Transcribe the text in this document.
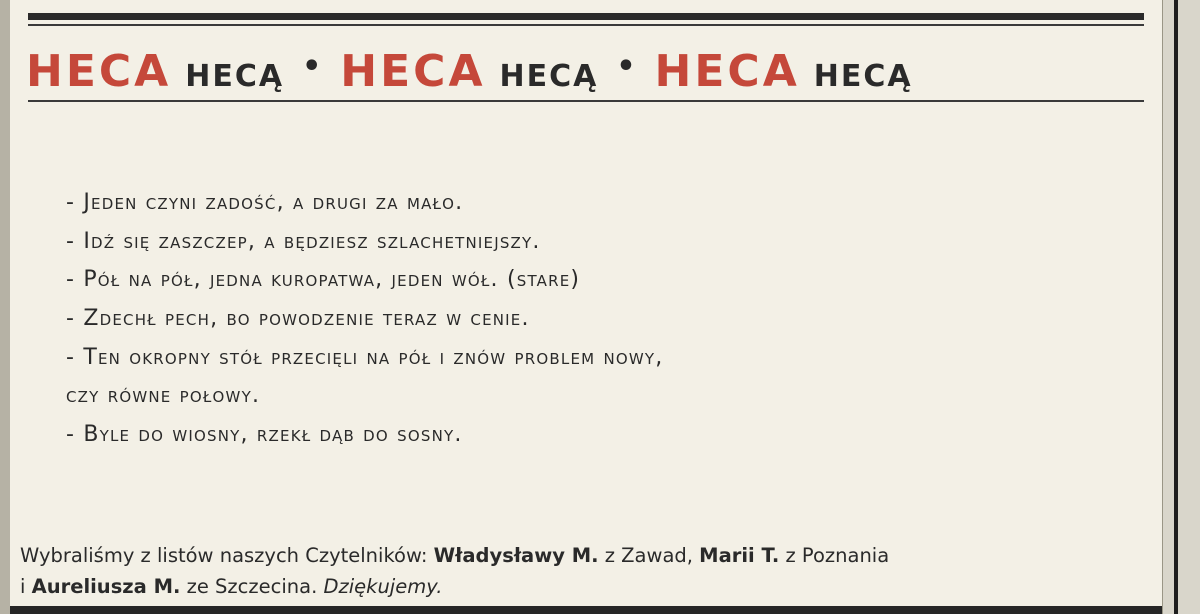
HECA HECĄ • HECA HECĄ • HECA HECĄ
- Jeden czyni zadość, a drugi za mało.
- Idź się zaszczep, a będziesz szlachetniejszy.
- Pół na pół, jedna kuropatwa, jeden wół. (stare)
- Zdechł pech, bo powodzenie teraz w cenie.
- Ten okropny stół przecięli na pół i znów problem nowy,
czy równe połowy.
- Byle do wiosny, rzekł dąb do sosny.
Wybraliśmy z listów naszych Czytelników: Władysławy M. z Zawad, Marii T. z Poznania
i Aureliusza M. ze Szczecina. Dziękujemy.
